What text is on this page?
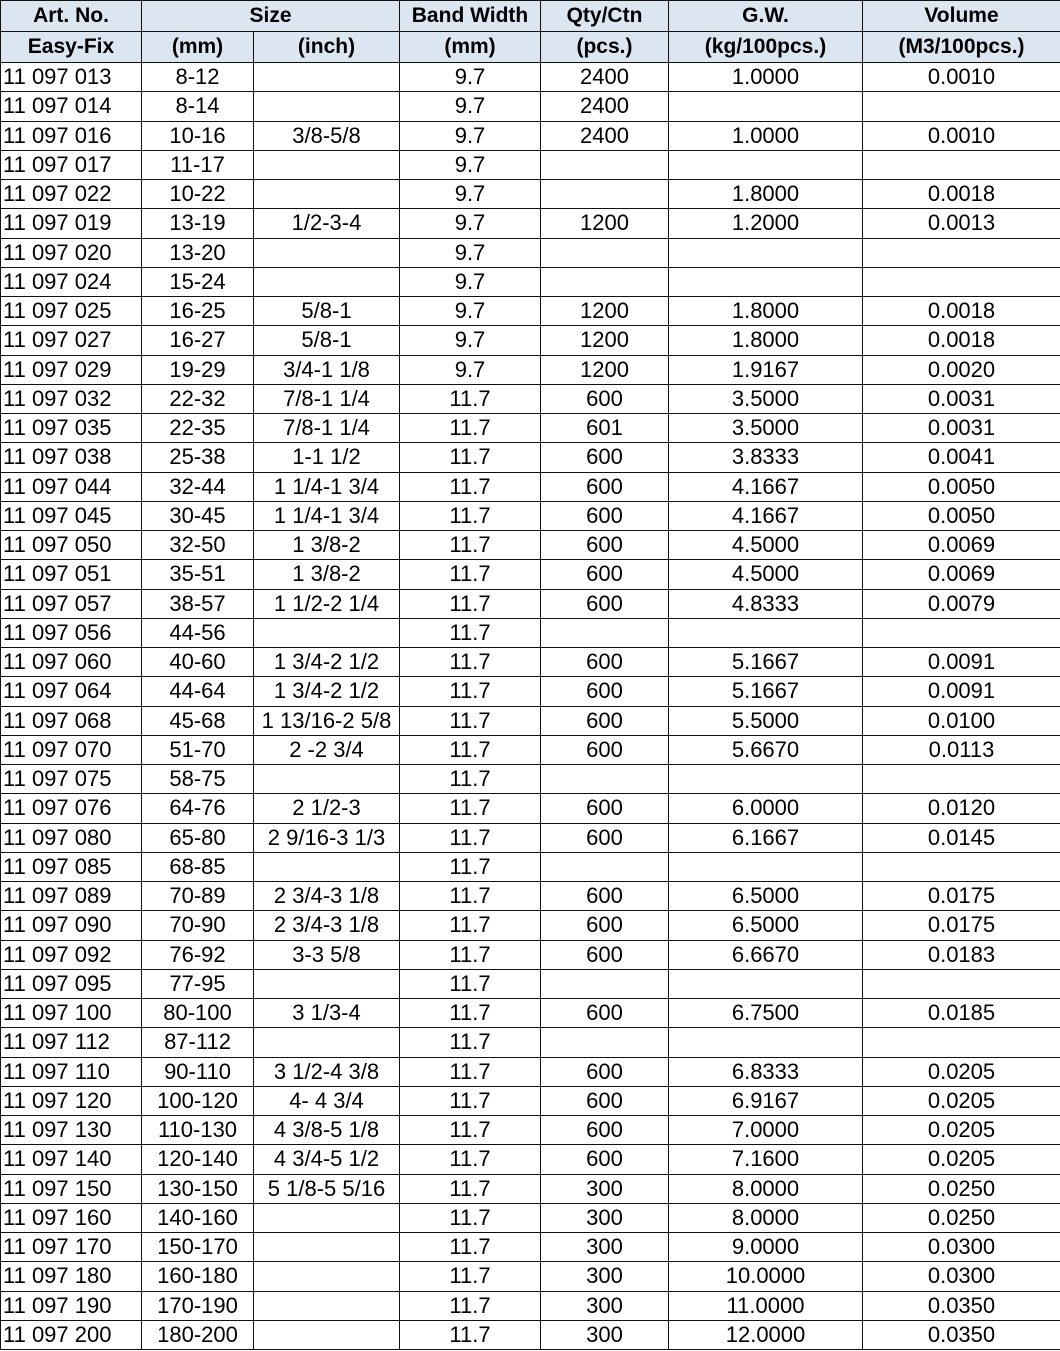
Art. No.	Size		Band Width	Qty/Ctn	G.W.	Volume
Easy-Fix	(mm)	(inch)	(mm)	(pcs.)	(kg/100pcs.)	(M3/100pcs.)
11 097 013	8-12		9.7	2400	1.0000	0.0010
11 097 014	8-14		9.7	2400		
11 097 016	10-16	3/8-5/8	9.7	2400	1.0000	0.0010
11 097 017	11-17		9.7			
11 097 022	10-22		9.7		1.8000	0.0018
11 097 019	13-19	1/2-3-4	9.7	1200	1.2000	0.0013
11 097 020	13-20		9.7			
11 097 024	15-24		9.7			
11 097 025	16-25	5/8-1	9.7	1200	1.8000	0.0018
11 097 027	16-27	5/8-1	9.7	1200	1.8000	0.0018
11 097 029	19-29	3/4-1 1/8	9.7	1200	1.9167	0.0020
11 097 032	22-32	7/8-1 1/4	11.7	600	3.5000	0.0031
11 097 035	22-35	7/8-1 1/4	11.7	601	3.5000	0.0031
11 097 038	25-38	1-1 1/2	11.7	600	3.8333	0.0041
11 097 044	32-44	1 1/4-1 3/4	11.7	600	4.1667	0.0050
11 097 045	30-45	1 1/4-1 3/4	11.7	600	4.1667	0.0050
11 097 050	32-50	1 3/8-2	11.7	600	4.5000	0.0069
11 097 051	35-51	1 3/8-2	11.7	600	4.5000	0.0069
11 097 057	38-57	1 1/2-2 1/4	11.7	600	4.8333	0.0079
11 097 056	44-56		11.7			
11 097 060	40-60	1 3/4-2 1/2	11.7	600	5.1667	0.0091
11 097 064	44-64	1 3/4-2 1/2	11.7	600	5.1667	0.0091
11 097 068	45-68	1 13/16-2 5/8	11.7	600	5.5000	0.0100
11 097 070	51-70	2 -2 3/4	11.7	600	5.6670	0.0113
11 097 075	58-75		11.7			
11 097 076	64-76	2 1/2-3	11.7	600	6.0000	0.0120
11 097 080	65-80	2 9/16-3 1/3	11.7	600	6.1667	0.0145
11 097 085	68-85		11.7			
11 097 089	70-89	2 3/4-3 1/8	11.7	600	6.5000	0.0175
11 097 090	70-90	2 3/4-3 1/8	11.7	600	6.5000	0.0175
11 097 092	76-92	3-3 5/8	11.7	600	6.6670	0.0183
11 097 095	77-95		11.7			
11 097 100	80-100	3 1/3-4	11.7	600	6.7500	0.0185
11 097 112	87-112		11.7			
11 097 110	90-110	3 1/2-4 3/8	11.7	600	6.8333	0.0205
11 097 120	100-120	4- 4 3/4	11.7	600	6.9167	0.0205
11 097 130	110-130	4 3/8-5 1/8	11.7	600	7.0000	0.0205
11 097 140	120-140	4 3/4-5 1/2	11.7	600	7.1600	0.0205
11 097 150	130-150	5 1/8-5 5/16	11.7	300	8.0000	0.0250
11 097 160	140-160		11.7	300	8.0000	0.0250
11 097 170	150-170		11.7	300	9.0000	0.0300
11 097 180	160-180		11.7	300	10.0000	0.0300
11 097 190	170-190		11.7	300	11.0000	0.0350
11 097 200	180-200		11.7	300	12.0000	0.0350
